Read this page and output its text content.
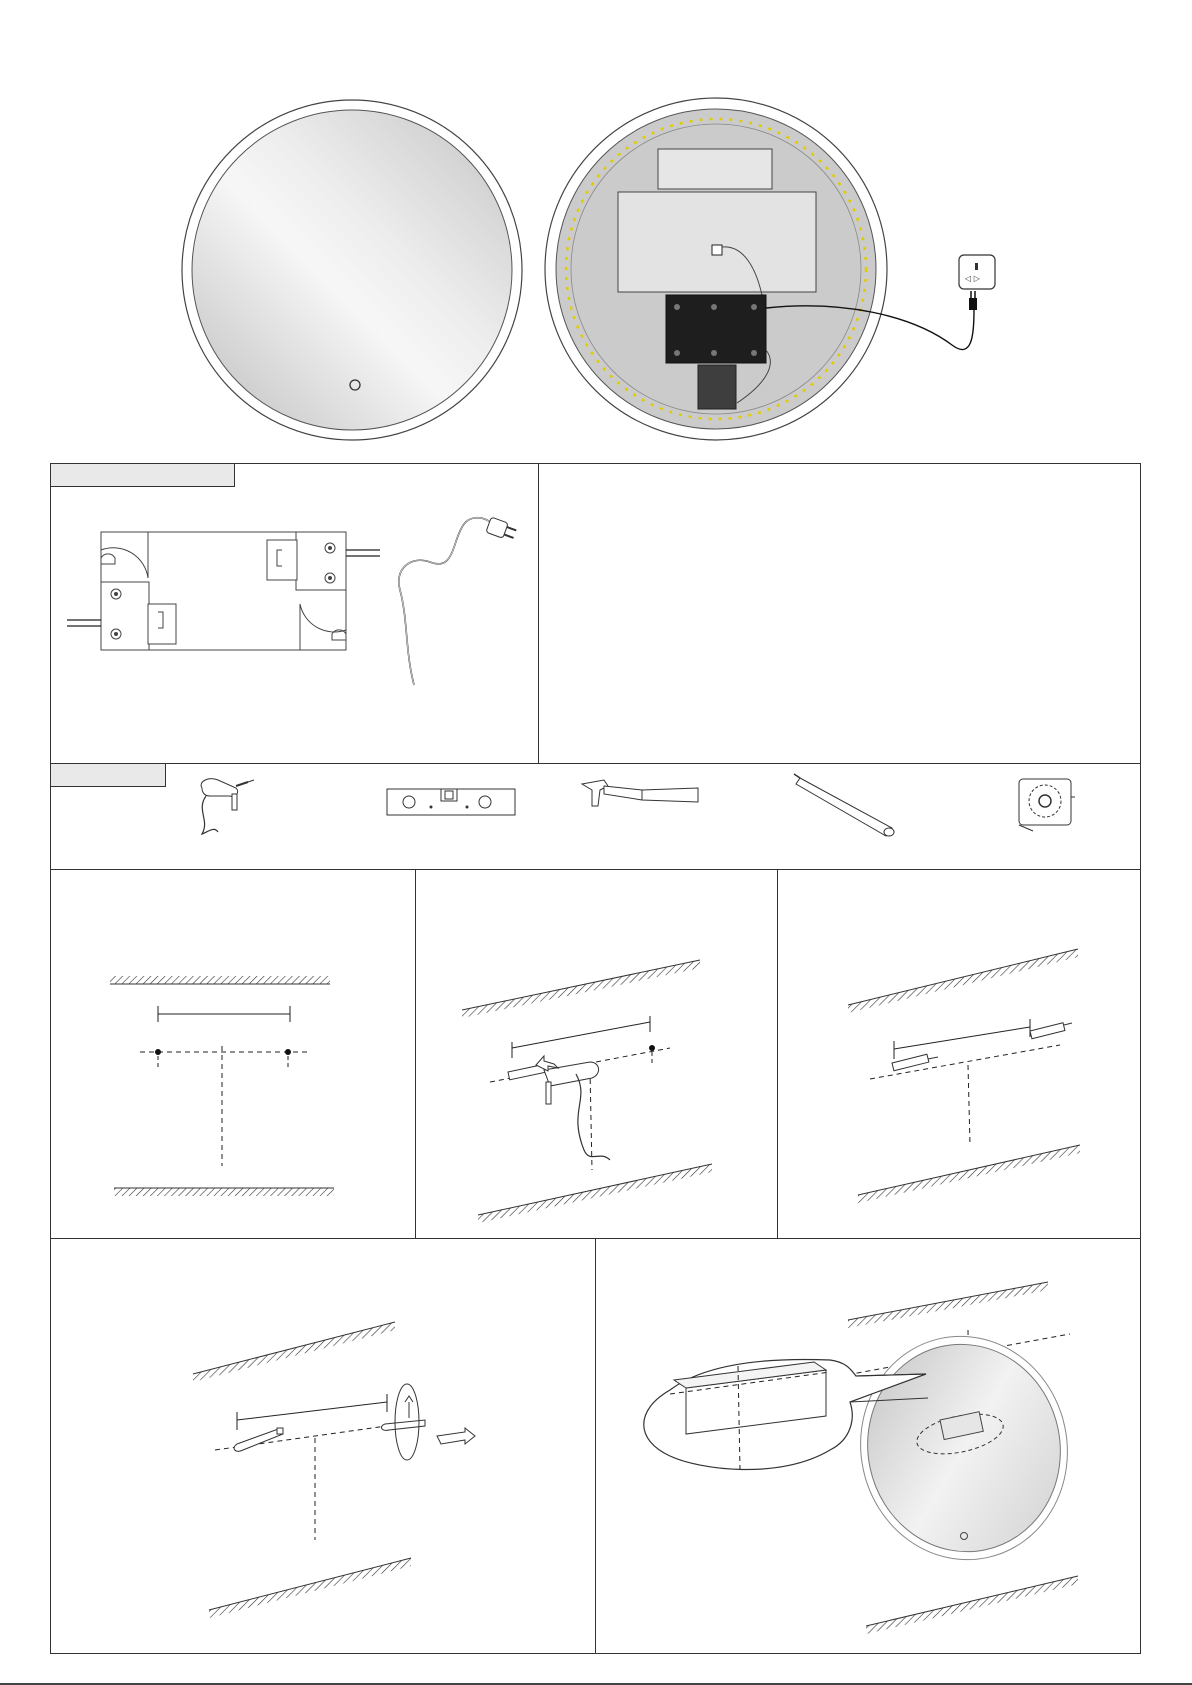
◁ ▷
